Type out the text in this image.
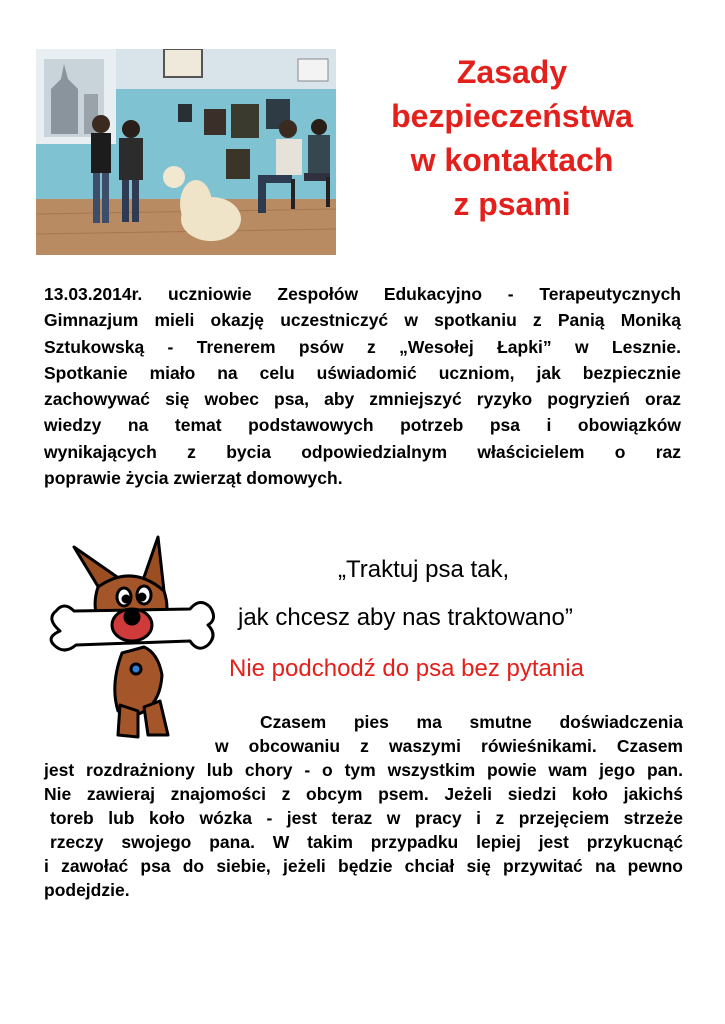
Zasady
bezpieczeństwa
w kontaktach
z psami
13.03.2014r. uczniowie Zespołów Edukacyjno - Terapeutycznych
Gimnazjum mieli okazję uczestniczyć w spotkaniu z Panią Moniką
Sztukowską - Trenerem psów z „Wesołej Łapki” w Lesznie.
Spotkanie miało na celu uświadomić uczniom, jak bezpiecznie
zachowywać się wobec psa, aby zmniejszyć ryzyko pogryzień oraz
wiedzy na temat podstawowych potrzeb psa i obowiązków
wynikających z bycia odpowiedzialnym właścicielem o raz
poprawie życia zwierząt domowych.
„Traktuj psa tak,
jak chcesz aby nas traktowano”
Nie podchodź do psa bez pytania
Czasem pies ma smutne doświadczenia
w obcowaniu z waszymi rówieśnikami. Czasem
jest rozdrażniony lub chory - o tym wszystkim powie wam jego pan.
Nie zawieraj znajomości z obcym psem. Jeżeli siedzi koło jakichś
toreb lub koło wózka - jest teraz w pracy i z przejęciem strzeże
rzeczy swojego pana. W takim przypadku lepiej jest przykucnąć
i zawołać psa do siebie, jeżeli będzie chciał się przywitać na pewno
podejdzie.
